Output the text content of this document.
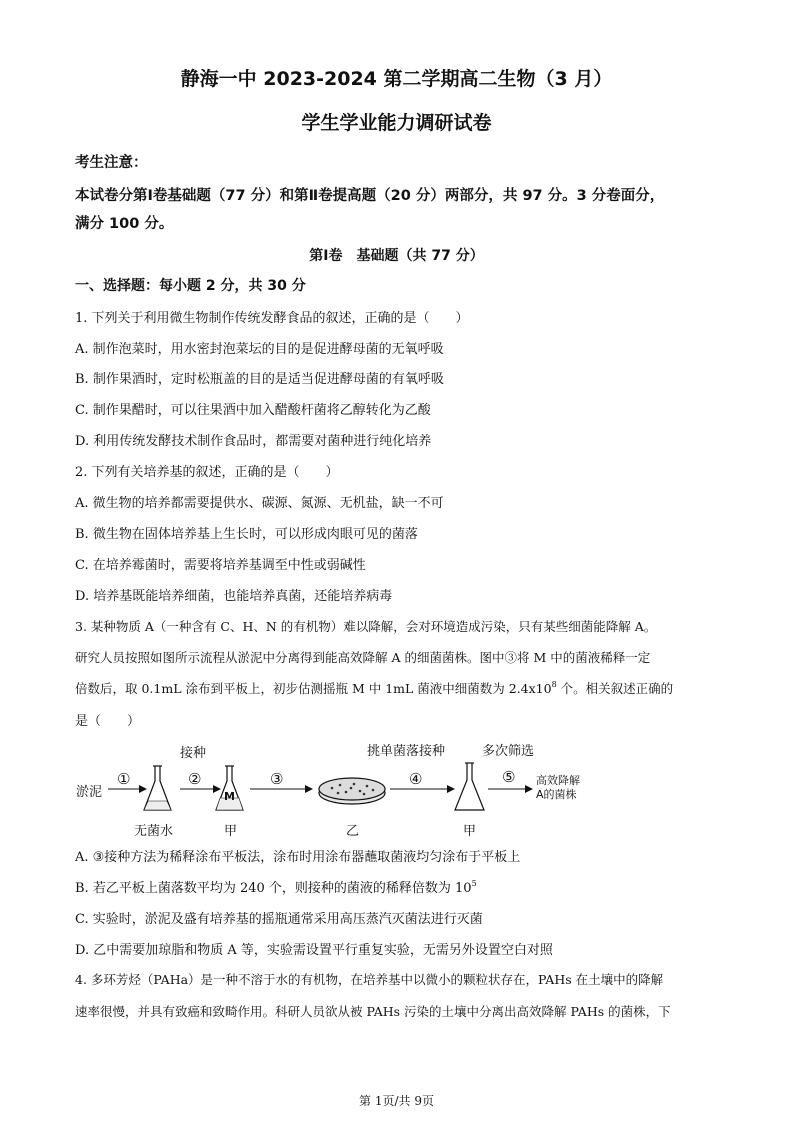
静海一中 2023-2024 第二学期高二生物（3 月）
学生学业能力调研试卷
考生注意：
本试卷分第Ⅰ卷基础题（77 分）和第Ⅱ卷提高题（20 分）两部分，共 97 分。3 分卷面分，
满分 100 分。
第Ⅰ卷　基础题（共 77 分）
一、选择题：每小题 2 分，共 30 分
1. 下列关于利用微生物制作传统发酵食品的叙述，正确的是（　　）
A. 制作泡菜时，用水密封泡菜坛的目的是促进酵母菌的无氧呼吸
B. 制作果酒时，定时松瓶盖的目的是适当促进酵母菌的有氧呼吸
C. 制作果醋时，可以往果酒中加入醋酸杆菌将乙醇转化为乙酸
D. 利用传统发酵技术制作食品时，都需要对菌种进行纯化培养
2. 下列有关培养基的叙述，正确的是（　　）
A. 微生物的培养都需要提供水、碳源、氮源、无机盐，缺一不可
B. 微生物在固体培养基上生长时，可以形成肉眼可见的菌落
C. 在培养霉菌时，需要将培养基调至中性或弱碱性
D. 培养基既能培养细菌，也能培养真菌，还能培养病毒
3. 某种物质 A（一种含有 C、H、N 的有机物）难以降解，会对环境造成污染，只有某些细菌能降解 A。
研究人员按照如图所示流程从淤泥中分离得到能高效降解 A 的细菌菌株。图中③将 M 中的菌液稀释一定
倍数后，取 0.1mL 涂布到平板上，初步估测摇瓶 M 中 1mL 菌液中细菌数为 $2.4x10^8$ 个。相关叙述正确的
是（　　）
接种	挑单菌落接种	多次筛选
淤泥
①	②	③	④	⑤
M
高效降解
A的菌株
无菌水	甲	乙	甲
A. ③接种方法为稀释涂布平板法，涂布时用涂布器蘸取菌液均匀涂布于平板上
B. 若乙平板上菌落数平均为 240 个，则接种的菌液的稀释倍数为 $10^5$
C. 实验时，淤泥及盛有培养基的摇瓶通常采用高压蒸汽灭菌法进行灭菌
D. 乙中需要加琼脂和物质 A 等，实验需设置平行重复实验，无需另外设置空白对照
4. 多环芳烃（PAHa）是一种不溶于水的有机物，在培养基中以微小的颗粒状存在，PAHs 在土壤中的降解
速率很慢，并具有致癌和致畸作用。科研人员欲从被 PAHs 污染的土壤中分离出高效降解 PAHs 的菌株，下
第 1页/共 9页
